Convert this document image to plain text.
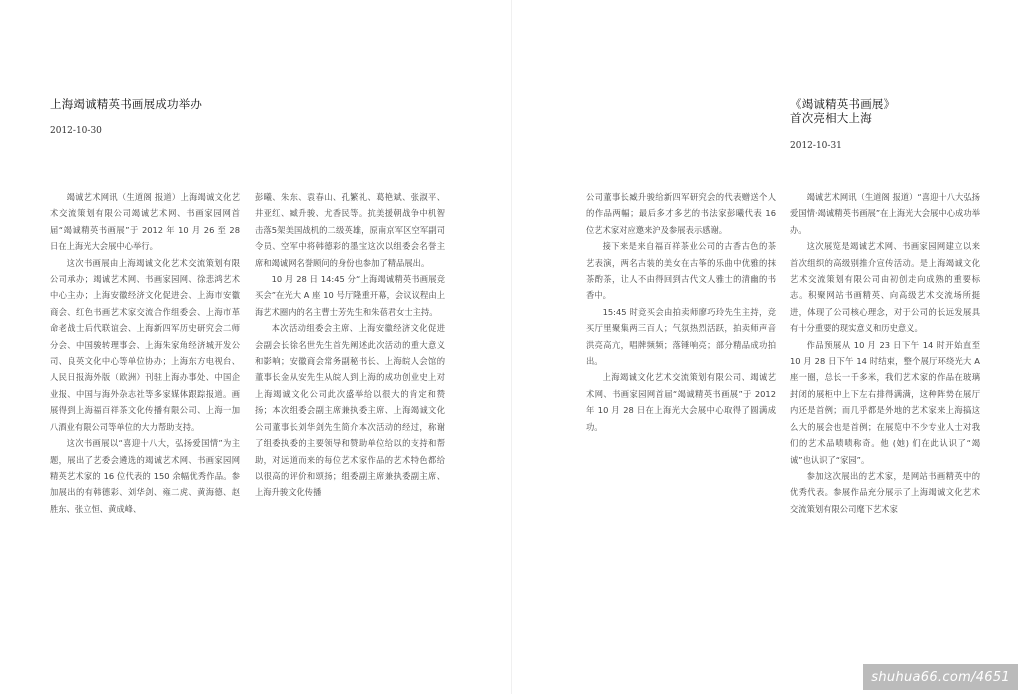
上海竭诚精英书画展成功举办
2012-10-30

竭诚艺术网讯（生道阁 报道）上海竭诚文化艺术交流策划有限公司竭诚艺术网、书画家园网首届“竭诚精英书画展”于 2012 年 10 月 26 至 28 日在上海光大会展中心举行。

这次书画展由上海竭诚文化艺术交流策划有限公司承办；竭诚艺术网、书画家园网、徐悲鸿艺术中心主办；上海安徽经济文化促进会、上海市安徽商会、红色书画艺术家交流合作组委会、上海市革命老战士后代联谊会、上海新四军历史研究会二师分会、中国骏转理事会、上海朱家角经济城开发公司、良英文化中心等单位协办；上海东方电视台、人民日报海外版（欧洲）刊驻上海办事处、中国企业报、中国与海外杂志社等多家媒体跟踪报道。画展得到上海福百祥茶文化传播有限公司、上海一加八酒业有限公司等单位的大力帮助支持。

这次书画展以“喜迎十八大，弘扬爱国情”为主题，展出了艺委会遴选的竭诚艺术网、书画家园网精英艺术家的 16 位代表的 150 余幅优秀作品。参加展出的有韩德彩、刘华剑、雍二虎、黄海德、赵胜东、张立恒、黄成峰、

彭曦、朱东、袁春山、孔繁礼、葛艳斌、张淑平、井亚红、臧升骏、尤香民等。抗美援朝战争中机智击落5架美国战机的二级英雄，原南京军区空军副司令员、空军中将韩德彩的墨宝这次以组委会名誉主席和竭诚网名誉顾问的身份也参加了精品展出。

10 月 28 日 14:45 分“上海竭诚精英书画展竞买会”在光大 A 座 10 号厅隆重开幕，会议议程由上海艺术圈内的名主曹士芳先生和朱蓓君女士主持。

本次活动组委会主席、上海安徽经济文化促进会副会长徐名世先生首先阐述此次活动的重大意义和影响；安徽商会常务副秘书长、上海皖人会馆的董事长金从安先生从皖人到上海的成功创业史上对上海竭诚文化公司此次盛举给以很大的肯定和赞扬；本次组委会副主席兼执委主席、上海竭诚文化公司董事长刘华剑先生简介本次活动的经过，称谢了组委执委的主要领导和赞助单位给以的支持和帮助，对远道而来的每位艺术家作品的艺术特色都给以很高的评价和颂扬；组委副主席兼执委副主席、上海升骏文化传播

《竭诚精英书画展》
首次亮相大上海
2012-10-31

公司董事长臧升骏给新四军研究会的代表赠送个人的作品两幅；最后多才多艺的书法家彭曦代表 16 位艺术家对应邀来沪及参展表示感谢。

接下来是来自福百祥茶业公司的古香古色的茶艺表演，两名古装的美女在古筝的乐曲中优雅的抹茶酌茶，让人不由得回到古代文人雅士的清幽的书香中。

15:45 时竞买会由拍卖师廖巧玲先生主持，竞买厅里聚集两三百人；气氛热烈活跃，拍卖师声音洪亮高亢，唱牌频频；落锤响亮；部分精品成功拍出。

上海竭诚文化艺术交流策划有限公司、竭诚艺术网、书画家园网首届“竭诚精英书画展”于 2012 年 10 月 28 日在上海光大会展中心取得了圆满成功。

竭诚艺术网讯（生道阁 报道）“喜迎十八大弘扬爱国情·竭诚精英书画展”在上海光大会展中心成功举办。

这次展览是竭诚艺术网、书画家园网建立以来首次组织的高级别推介宣传活动。是上海竭诚文化艺术交流策划有限公司由初创走向成熟的重要标志。积聚网站书画精英、向高级艺术交流场所挺进，体现了公司核心理念，对于公司的长远发展具有十分重要的现实意义和历史意义。

作品预展从 10 月 23 日下午 14 时开始直至 10 月 28 日下午 14 时结束，整个展厅环绕光大 A 座一圈，总长一千多米，我们艺术家的作品在玻璃封闭的展柜中上下左右排得满满，这种阵势在展厅内还是首例；而几乎都是外地的艺术家来上海搞这么大的展会也是首例；在展览中不少专业人士对我们的艺术品啧啧称奇。他 (她) 们在此认识了“竭诚”也认识了“家园”。

参加这次展出的艺术家，是网站书画精英中的优秀代表。参展作品充分展示了上海竭诚文化艺术交流策划有限公司麾下艺术家

shuhua66.com/4651
